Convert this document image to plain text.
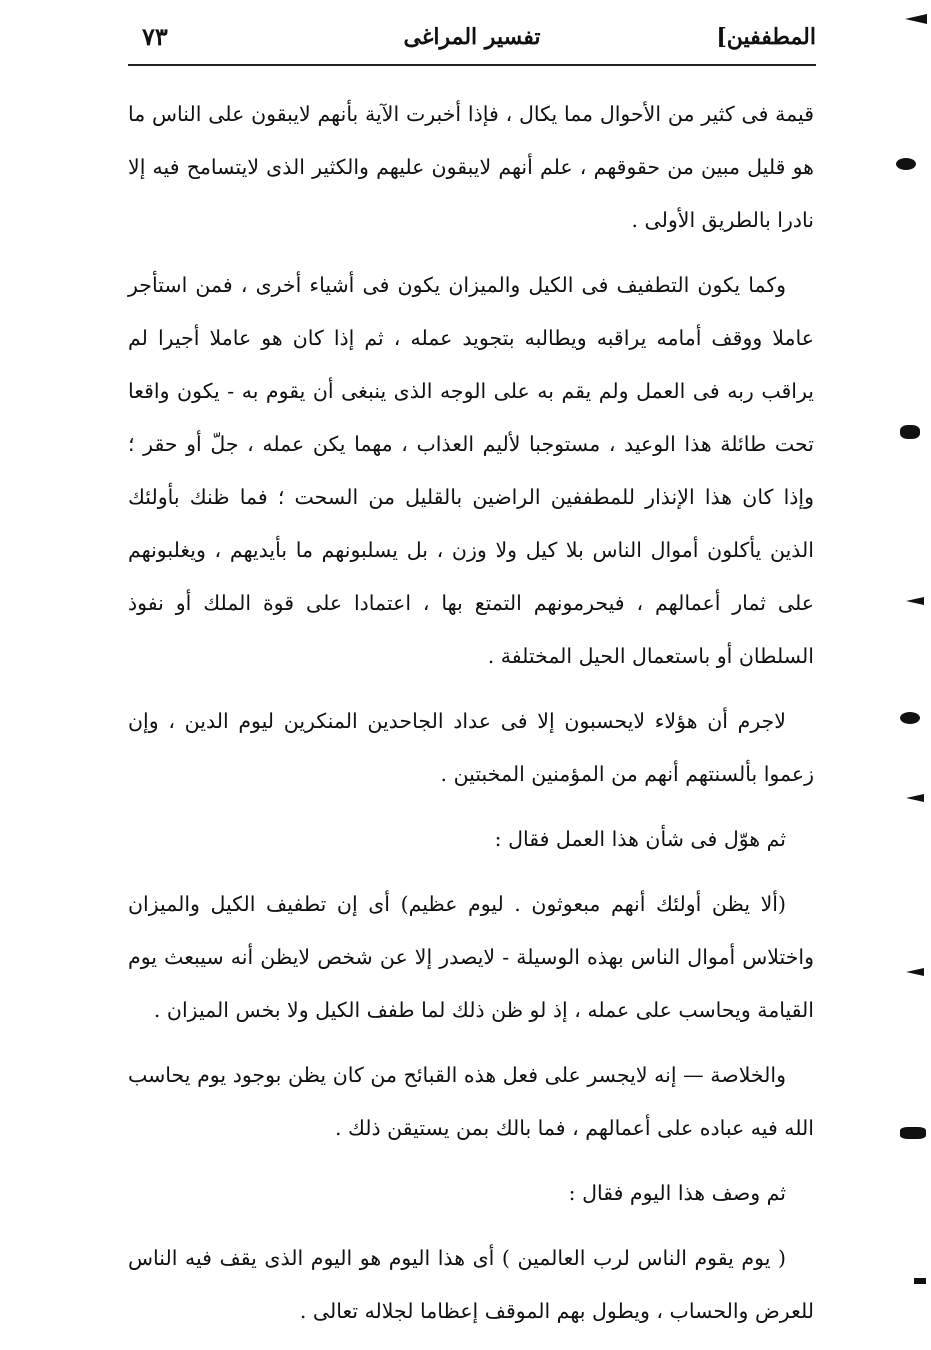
المطففين]
تفسير المراغى
٧٣

قيمة فى كثير من الأحوال مما يكال ، فإذا أخبرت الآية بأنهم لايبقون على الناس ما هو قليل مبين من حقوقهم ، علم أنهم لايبقون عليهم والكثير الذى لايتسامح فيه إلا نادرا بالطريق الأولى .

وكما يكون التطفيف فى الكيل والميزان يكون فى أشياء أخرى ، فمن استأجر عاملا ووقف أمامه يراقبه ويطالبه بتجويد عمله ، ثم إذا كان هو عاملا أجيرا لم يراقب ربه فى العمل ولم يقم به على الوجه الذى ينبغى أن يقوم به - يكون واقعا تحت طائلة هذا الوعيد ، مستوجبا لأليم العذاب ، مهما يكن عمله ، جلّ أو حقر ؛ وإذا كان هذا الإنذار للمطففين الراضين بالقليل من السحت ؛ فما ظنك بأولئك الذين يأكلون أموال الناس بلا كيل ولا وزن ، بل يسلبونهم ما بأيديهم ، ويغلبونهم على ثمار أعمالهم ، فيحرمونهم التمتع بها ، اعتمادا على قوة الملك أو نفوذ السلطان أو باستعمال الحيل المختلفة .

لاجرم أن هؤلاء لايحسبون إلا فى عداد الجاحدين المنكرين ليوم الدين ، وإن زعموا بألسنتهم أنهم من المؤمنين المخبتين .

ثم هوّل فى شأن هذا العمل فقال :

(ألا يظن أولئك أنهم مبعوثون . ليوم عظيم) أى إن تطفيف الكيل والميزان واختلاس أموال الناس بهذه الوسيلة - لايصدر إلا عن شخص لايظن أنه سيبعث يوم القيامة ويحاسب على عمله ، إذ لو ظن ذلك لما طفف الكيل ولا بخس الميزان .

والخلاصة — إنه لايجسر على فعل هذه القبائح من كان يظن بوجود يوم يحاسب الله فيه عباده على أعمالهم ، فما بالك بمن يستيقن ذلك .

ثم وصف هذا اليوم فقال :

( يوم يقوم الناس لرب العالمين ) أى هذا اليوم هو اليوم الذى يقف فيه الناس للعرض والحساب ، ويطول بهم الموقف إعظاما لجلاله تعالى .
